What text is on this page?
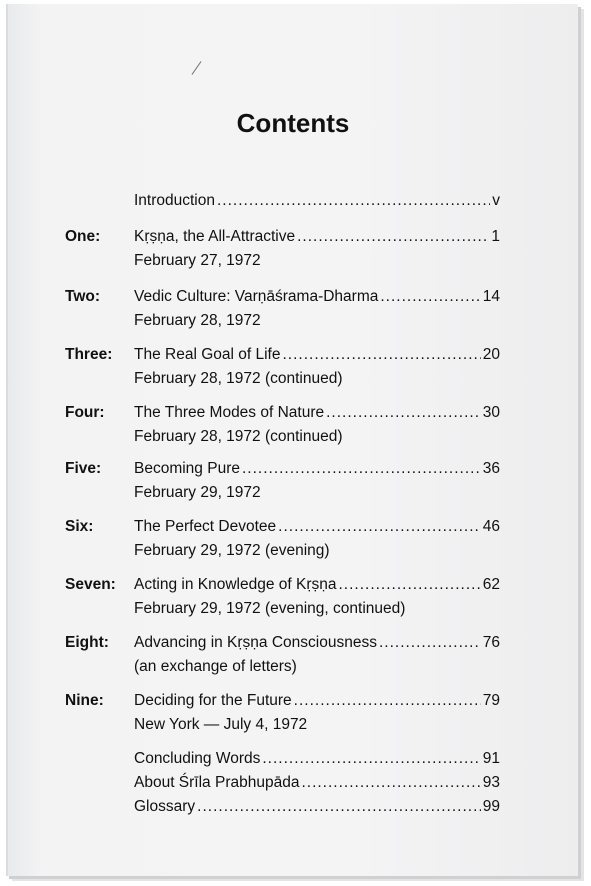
Contents
Introduction .....	v
One: Kṛṣṇa, the All-Attractive .....	1
February 27, 1972
Two: Vedic Culture: Varṇāśrama-Dharma .....	14
February 28, 1972
Three: The Real Goal of Life .....	20
February 28, 1972 (continued)
Four: The Three Modes of Nature .....	30
February 28, 1972 (continued)
Five: Becoming Pure .....	36
February 29, 1972
Six:	The Perfect Devotee .....	46
February 29, 1972 (evening)
Seven: Acting in Knowledge of Kṛṣṇa .....	62
February 29, 1972 (evening, continued)
Eight: Advancing in Kṛṣṇa Consciousness .....	76
(an exchange of letters)
Nine: Deciding for the Future .....	79
New York — July 4, 1972
Concluding Words .....	91
About Śrīla Prabhupāda .....	93
Glossary .....	99
